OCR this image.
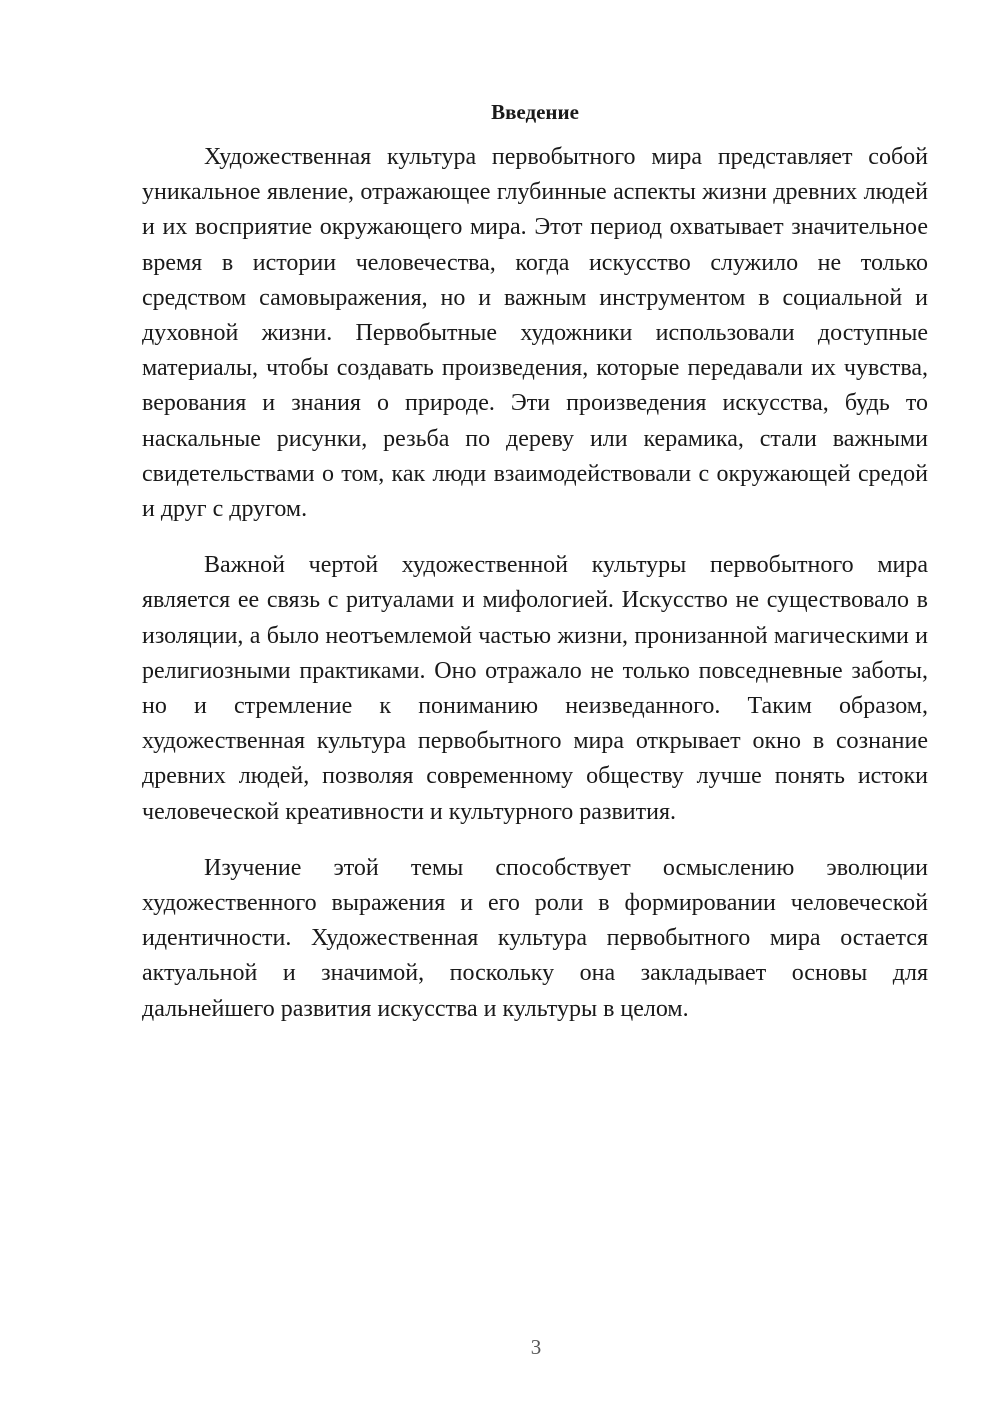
Введение

Художественная культура первобытного мира представляет собой уникальное явление, отражающее глубинные аспекты жизни древних людей и их восприятие окружающего мира. Этот период охватывает значительное время в истории человечества, когда искусство служило не только средством самовыражения, но и важным инструментом в социальной и духовной жизни. Первобытные художники использовали доступные материалы, чтобы создавать произведения, которые передавали их чувства, верования и знания о природе. Эти произведения искусства, будь то наскальные рисунки, резьба по дереву или керамика, стали важными свидетельствами о том, как люди взаимодействовали с окружающей средой и друг с другом.

Важной чертой художественной культуры первобытного мира является ее связь с ритуалами и мифологией. Искусство не существовало в изоляции, а было неотъемлемой частью жизни, пронизанной магическими и религиозными практиками. Оно отражало не только повседневные заботы, но и стремление к пониманию неизведанного. Таким образом, художественная культура первобытного мира открывает окно в сознание древних людей, позволяя современному обществу лучше понять истоки человеческой креативности и культурного развития.

Изучение этой темы способствует осмыслению эволюции художественного выражения и его роли в формировании человеческой идентичности. Художественная культура первобытного мира остается актуальной и значимой, поскольку она закладывает основы для дальнейшего развития искусства и культуры в целом.

3
